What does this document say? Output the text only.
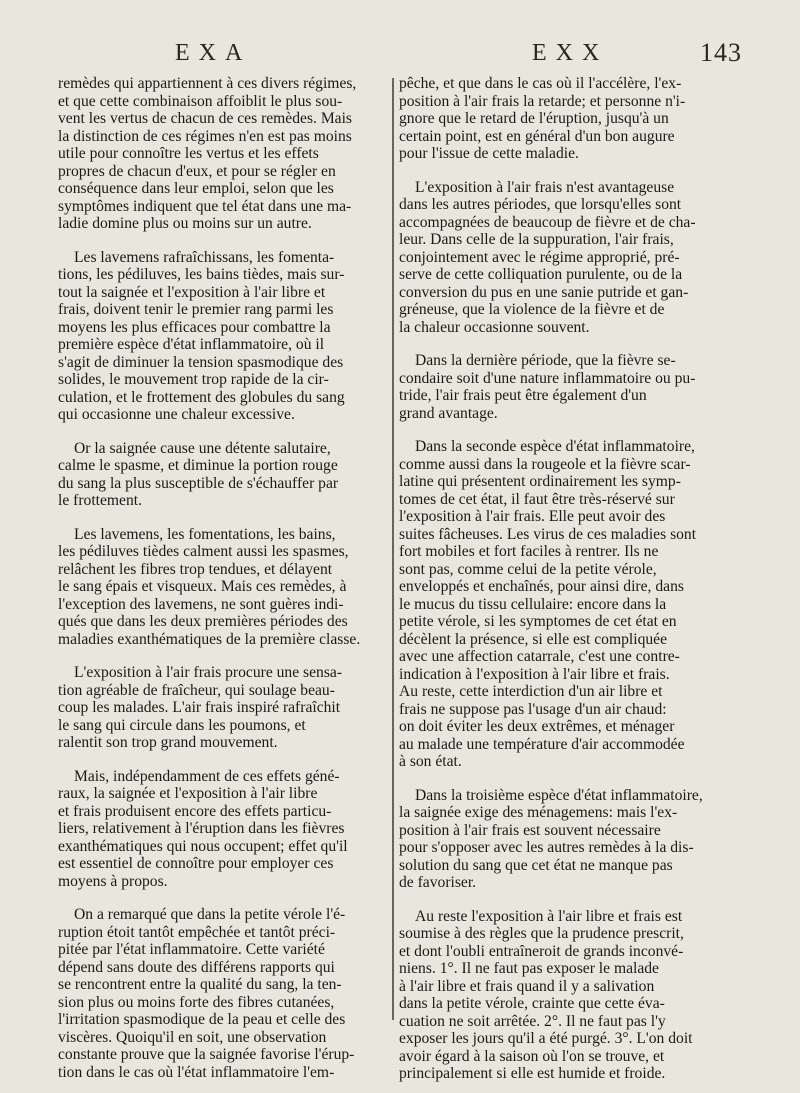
EXA	EXX	143

remèdes qui appartiennent à ces divers régimes,
et que cette combinaison affoiblit le plus sou-
vent les vertus de chacun de ces remèdes. Mais
la distinction de ces régimes n'en est pas moins
utile pour connoître les vertus et les effets
propres de chacun d'eux, et pour se régler en
conséquence dans leur emploi, selon que les
symptômes indiquent que tel état dans une ma-
ladie domine plus ou moins sur un autre.

Les lavemens rafraîchissans, les fomenta-
tions, les pédiluves, les bains tièdes, mais sur-
tout la saignée et l'exposition à l'air libre et
frais, doivent tenir le premier rang parmi les
moyens les plus efficaces pour combattre la
première espèce d'état inflammatoire, où il
s'agit de diminuer la tension spasmodique des
solides, le mouvement trop rapide de la cir-
culation, et le frottement des globules du sang
qui occasionne une chaleur excessive.

Or la saignée cause une détente salutaire,
calme le spasme, et diminue la portion rouge
du sang la plus susceptible de s'échauffer par
le frottement.

Les lavemens, les fomentations, les bains,
les pédiluves tièdes calment aussi les spasmes,
relâchent les fibres trop tendues, et délayent
le sang épais et visqueux. Mais ces remèdes, à
l'exception des lavemens, ne sont guères indi-
qués que dans les deux premières périodes des
maladies exanthématiques de la première classe.

L'exposition à l'air frais procure une sensa-
tion agréable de fraîcheur, qui soulage beau-
coup les malades. L'air frais inspiré rafraîchit
le sang qui circule dans les poumons, et
ralentit son trop grand mouvement.

Mais, indépendamment de ces effets géné-
raux, la saignée et l'exposition à l'air libre
et frais produisent encore des effets particu-
liers, relativement à l'éruption dans les fièvres
exanthématiques qui nous occupent; effet qu'il
est essentiel de connoître pour employer ces
moyens à propos.

On a remarqué que dans la petite vérole l'é-
ruption étoit tantôt empêchée et tantôt préci-
pitée par l'état inflammatoire. Cette variété
dépend sans doute des différens rapports qui
se rencontrent entre la qualité du sang, la ten-
sion plus ou moins forte des fibres cutanées,
l'irritation spasmodique de la peau et celle des
viscères. Quoiqu'il en soit, une observation
constante prouve que la saignée favorise l'érup-
tion dans le cas où l'état inflammatoire l'em-

pêche, et que dans le cas où il l'accélère, l'ex-
position à l'air frais la retarde; et personne n'i-
gnore que le retard de l'éruption, jusqu'à un
certain point, est en général d'un bon augure
pour l'issue de cette maladie.

L'exposition à l'air frais n'est avantageuse
dans les autres périodes, que lorsqu'elles sont
accompagnées de beaucoup de fièvre et de cha-
leur. Dans celle de la suppuration, l'air frais,
conjointement avec le régime approprié, pré-
serve de cette colliquation purulente, ou de la
conversion du pus en une sanie putride et gan-
gréneuse, que la violence de la fièvre et de
la chaleur occasionne souvent.

Dans la dernière période, que la fièvre se-
condaire soit d'une nature inflammatoire ou pu-
tride, l'air frais peut être également d'un
grand avantage.

Dans la seconde espèce d'état inflammatoire,
comme aussi dans la rougeole et la fièvre scar-
latine qui présentent ordinairement les symp-
tomes de cet état, il faut être très-réservé sur
l'exposition à l'air frais. Elle peut avoir des
suites fâcheuses. Les virus de ces maladies sont
fort mobiles et fort faciles à rentrer. Ils ne
sont pas, comme celui de la petite vérole,
enveloppés et enchaînés, pour ainsi dire, dans
le mucus du tissu cellulaire: encore dans la
petite vérole, si les symptomes de cet état en
décèlent la présence, si elle est compliquée
avec une affection catarrale, c'est une contre-
indication à l'exposition à l'air libre et frais.
Au reste, cette interdiction d'un air libre et
frais ne suppose pas l'usage d'un air chaud:
on doit éviter les deux extrêmes, et ménager
au malade une température d'air accommodée
à son état.

Dans la troisième espèce d'état inflammatoire,
la saignée exige des ménagemens: mais l'ex-
position à l'air frais est souvent nécessaire
pour s'opposer avec les autres remèdes à la dis-
solution du sang que cet état ne manque pas
de favoriser.

Au reste l'exposition à l'air libre et frais est
soumise à des règles que la prudence prescrit,
et dont l'oubli entraîneroit de grands inconvé-
niens. 1°. Il ne faut pas exposer le malade
à l'air libre et frais quand il y a salivation
dans la petite vérole, crainte que cette éva-
cuation ne soit arrêtée. 2°. Il ne faut pas l'y
exposer les jours qu'il a été purgé. 3°. L'on doit
avoir égard à la saison où l'on se trouve, et
principalement si elle est humide et froide.
